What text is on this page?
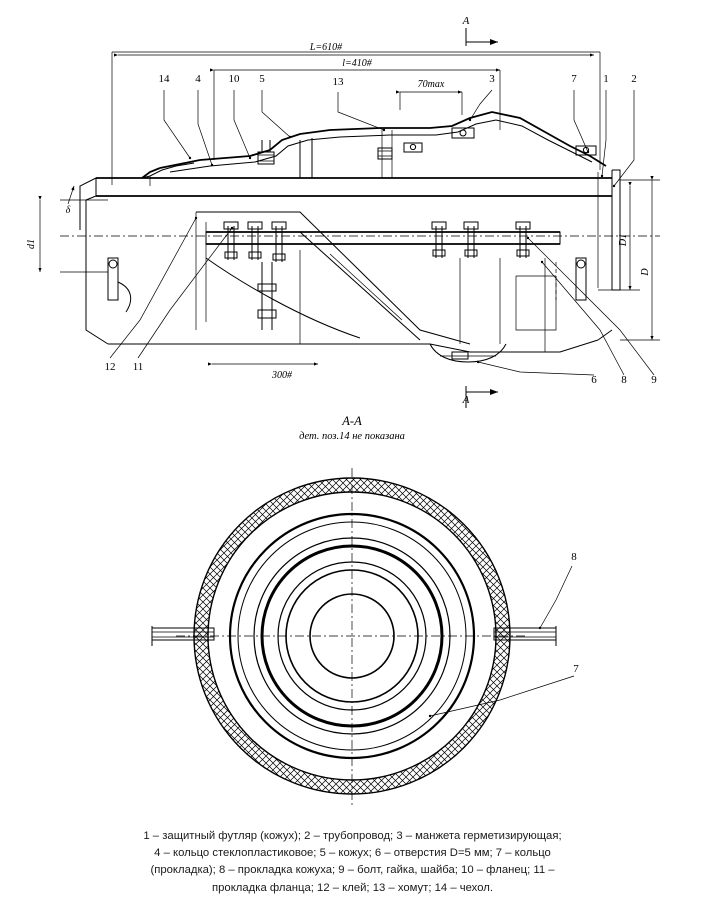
L=610#
l=410#
70max
A
A
d1
δ
D1
D
300#
14 4	10 5	13	3	7 1 2
12 11
6 8 9
А-А
дет. поз.14 не показана
8
7
1 – защитный футляр (кожух); 2 – трубопровод; 3 – манжета герметизирующая;
4 – кольцо стеклопластиковое; 5 – кожух; 6 – отверстия D=5 мм; 7 – кольцо
(прокладка); 8 – прокладка кожуха; 9 – болт, гайка, шайба; 10 – фланец; 11 –
прокладка фланца; 12 – клей; 13 – хомут; 14 – чехол.
